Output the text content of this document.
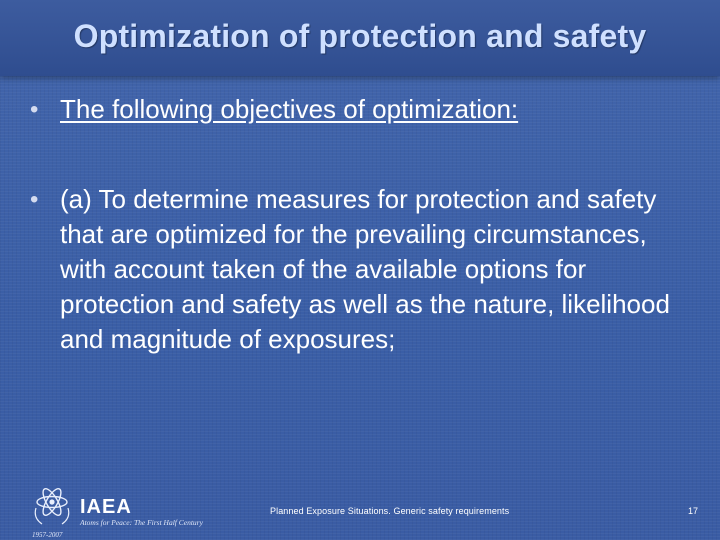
Optimization of protection and safety
• The following objectives of optimization:
• (a) To determine measures for protection and safety that are optimized for the prevailing circumstances, with account taken of the available options for protection and safety as well as the nature, likelihood and magnitude of exposures;
IAEA
Atoms for Peace: The First Half Century
1957-2007
Planned Exposure Situations. Generic safety requirements	17
